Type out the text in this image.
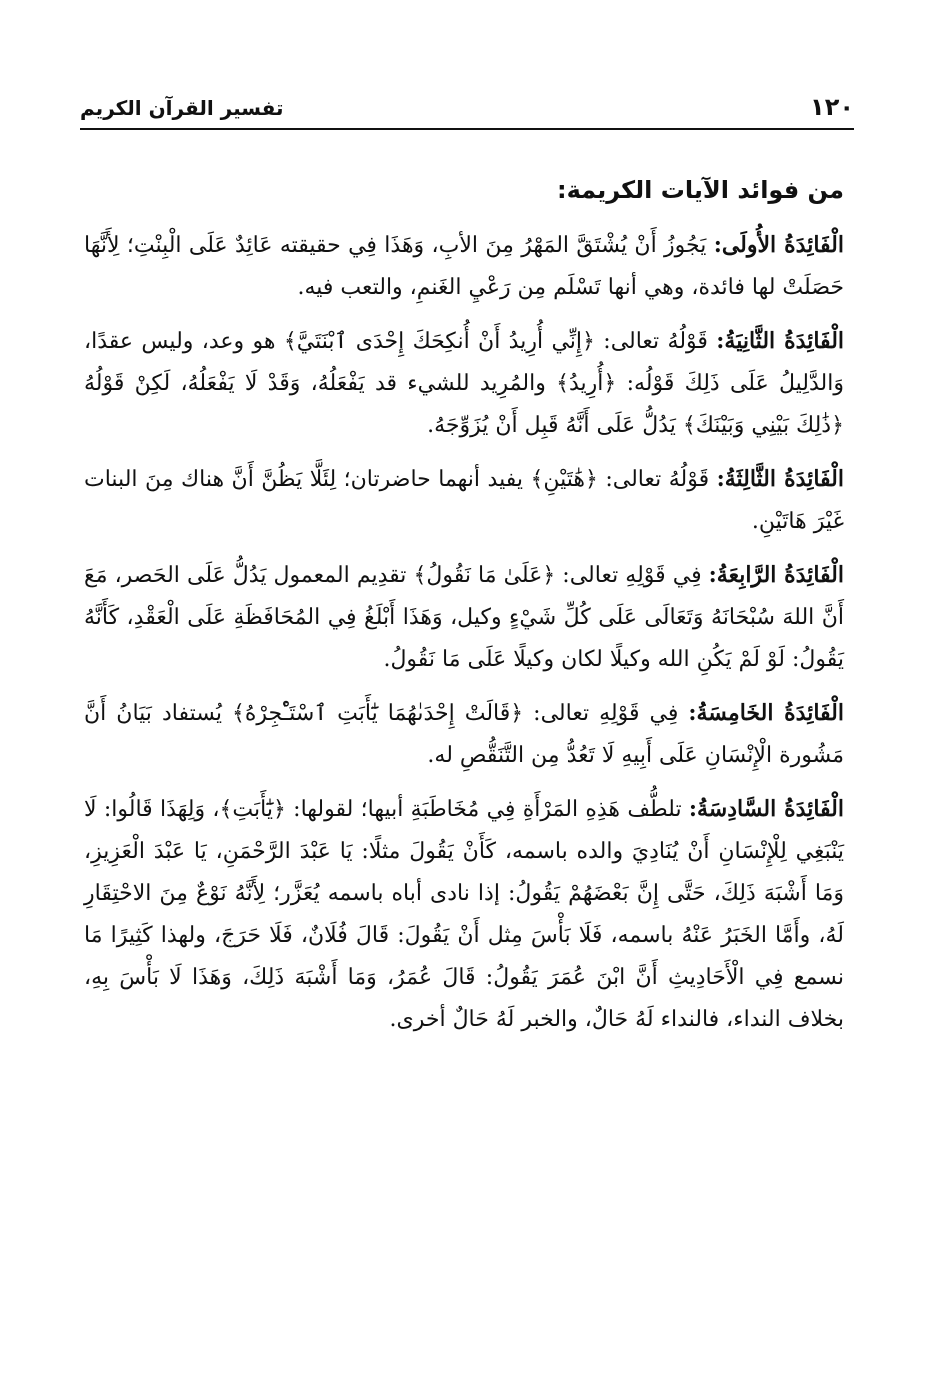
١٢٠
تفسير القرآن الكريم
من فوائد الآيات الكريمة:

الْفَائِدَةُ الأُولَى: يَجُوزُ أَنْ يُشْتَقَّ المَهْرُ مِنَ الأبِ، وَهَذَا فِي حقيقته عَائِدٌ عَلَى الْبِنْتِ؛ لِأَنَّهَا حَصَلَتْ لها فائدة، وهي أنها تَسْلَم مِن رَعْيِ الغَنمِ، والتعب فيه.

الْفَائِدَةُ الثَّانِيَةُ: قَوْلُهُ تعالى: ﴿إِنِّي أُرِيدُ أَنْ أُنكِحَكَ إِحْدَى ٱبْنَتَيَّ﴾ هو وعد، وليس عقدًا، وَالدَّلِيلُ عَلَى ذَلِكَ قَوْلُه: ﴿أُرِيدُ﴾ والمُرِيد للشيء قد يَفْعَلُهُ، وَقَدْ لَا يَفْعَلُهُ، لَكِنْ قَوْلُهُ ﴿ذَٰلِكَ بَيْنِي وَبَيْنَكَ﴾ يَدُلُّ عَلَى أَنَّهُ قَبِل أَنْ يُزَوِّجَهُ.

الْفَائِدَةُ الثَّالِثَةُ: قَوْلُهُ تعالى: ﴿هَٰتَيْنِ﴾ يفيد أنهما حاضرتان؛ لِئَلَّا يَظُنَّ أَنَّ هناك مِنَ البنات غَيْرَ هَاتَيْنِ.

الْفَائِدَةُ الرَّابِعَةُ: فِي قَوْلِهِ تعالى: ﴿عَلَىٰ مَا نَقُولُ﴾ تقدِيم المعمول يَدُلُّ عَلَى الحَصر، مَعَ أَنَّ اللهَ سُبْحَانَهُ وَتَعَالَى عَلَى كُلِّ شَيْءٍ وكيل، وَهَذَا أَبْلَغُ فِي المُحَافَظَةِ عَلَى الْعَقْدِ، كَأَنَّهُ يَقُولُ: لَوْ لَمْ يَكُنِ الله وكيلًا لكان وكيلًا عَلَى مَا نَقُولُ.

الْفَائِدَةُ الخَامِسَةُ: فِي قَوْلِهِ تعالى: ﴿قَالَتْ إِحْدَىٰهُمَا يَٰٓأَبَتِ ٱسْتَـْٔجِرْهُ﴾ يُستفاد بَيَانُ أَنَّ مَشُورة الْإِنْسَانِ عَلَى أَبِيهِ لَا تَعُدُّ مِن التَّنَقُّصِ له.

الْفَائِدَةُ السَّادِسَةُ: تلطُّف هَذِهِ المَرْأَةِ فِي مُخَاطَبَةِ أبيها؛ لقولها: ﴿يَٰٓأَبَتِ﴾، وَلِهَذَا قَالُوا: لَا يَنْبَغِي لِلْإِنْسَانِ أَنْ يُنَادِيَ والده باسمه، كَأَنْ يَقُولَ مثلًا: يَا عَبْدَ الرَّحْمَنِ، يَا عَبْدَ الْعَزِيزِ، وَمَا أَشْبَهَ ذَلِكَ، حَتَّى إِنَّ بَعْضَهُمْ يَقُولُ: إذا نادى أباه باسمه يُعَزَّر؛ لِأَنَّهُ نَوْعٌ مِنَ الاحْتِقَارِ لَهُ، وأَمَّا الخَبَرُ عَنْهُ باسمه، فَلَا بَأْسَ مِثل أَنْ يَقُولَ: قَالَ فُلَانٌ، فَلَا حَرَجَ، ولهذا كَثِيرًا مَا نسمع فِي الْأَحَادِيثِ أَنَّ ابْنَ عُمَرَ يَقُولُ: قَالَ عُمَرُ، وَمَا أَشْبَهَ ذَلِكَ، وَهَذَا لَا بَأْسَ بِهِ، بخلاف النداء، فالنداء لَهُ حَالٌ، والخبر لَهُ حَالٌ أخرى.
